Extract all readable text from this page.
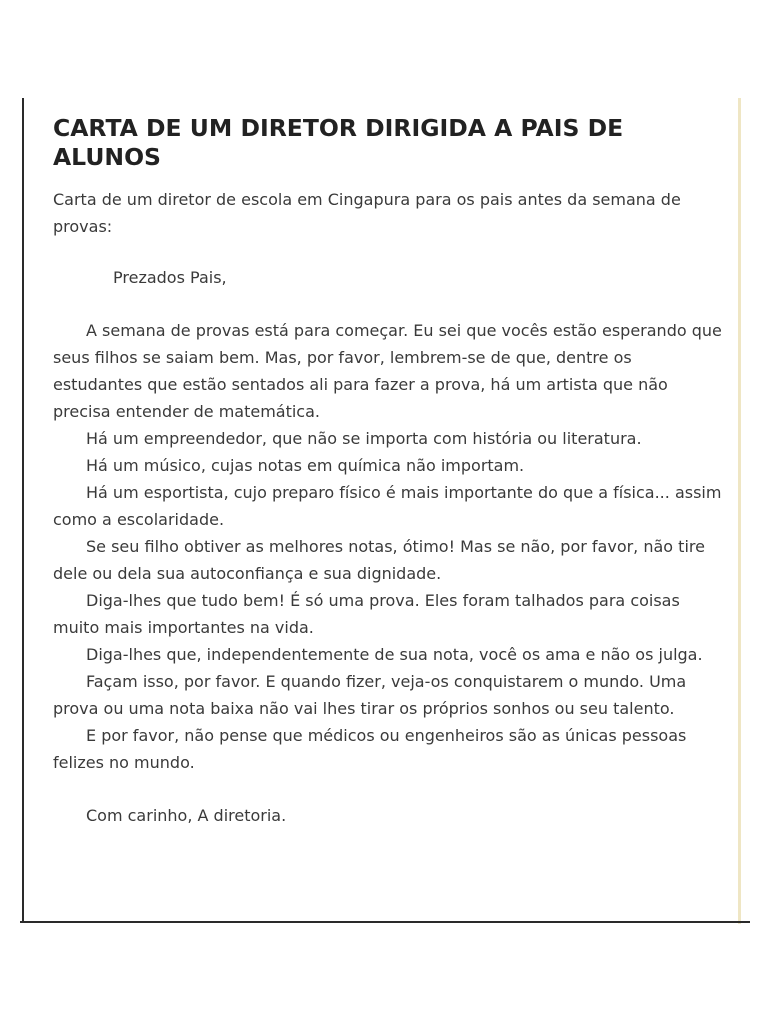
CARTA DE UM DIRETOR DIRIGIDA A PAIS DE ALUNOS

Carta de um diretor de escola em Cingapura para os pais antes da semana de provas:

Prezados Pais,

A semana de provas está para começar. Eu sei que vocês estão esperando que seus filhos se saiam bem. Mas, por favor, lembrem-se de que, dentre os estudantes que estão sentados ali para fazer a prova, há um artista que não precisa entender de matemática.

Há um empreendedor, que não se importa com história ou literatura.

Há um músico, cujas notas em química não importam.

Há um esportista, cujo preparo físico é mais importante do que a física... assim como a escolaridade.

Se seu filho obtiver as melhores notas, ótimo! Mas se não, por favor, não tire dele ou dela sua autoconfiança e sua dignidade.

Diga-lhes que tudo bem! É só uma prova. Eles foram talhados para coisas muito mais importantes na vida.

Diga-lhes que, independentemente de sua nota, você os ama e não os julga.

Façam isso, por favor. E quando fizer, veja-os conquistarem o mundo. Uma prova ou uma nota baixa não vai lhes tirar os próprios sonhos ou seu talento.

E por favor, não pense que médicos ou engenheiros são as únicas pessoas felizes no mundo.

Com carinho, A diretoria.
